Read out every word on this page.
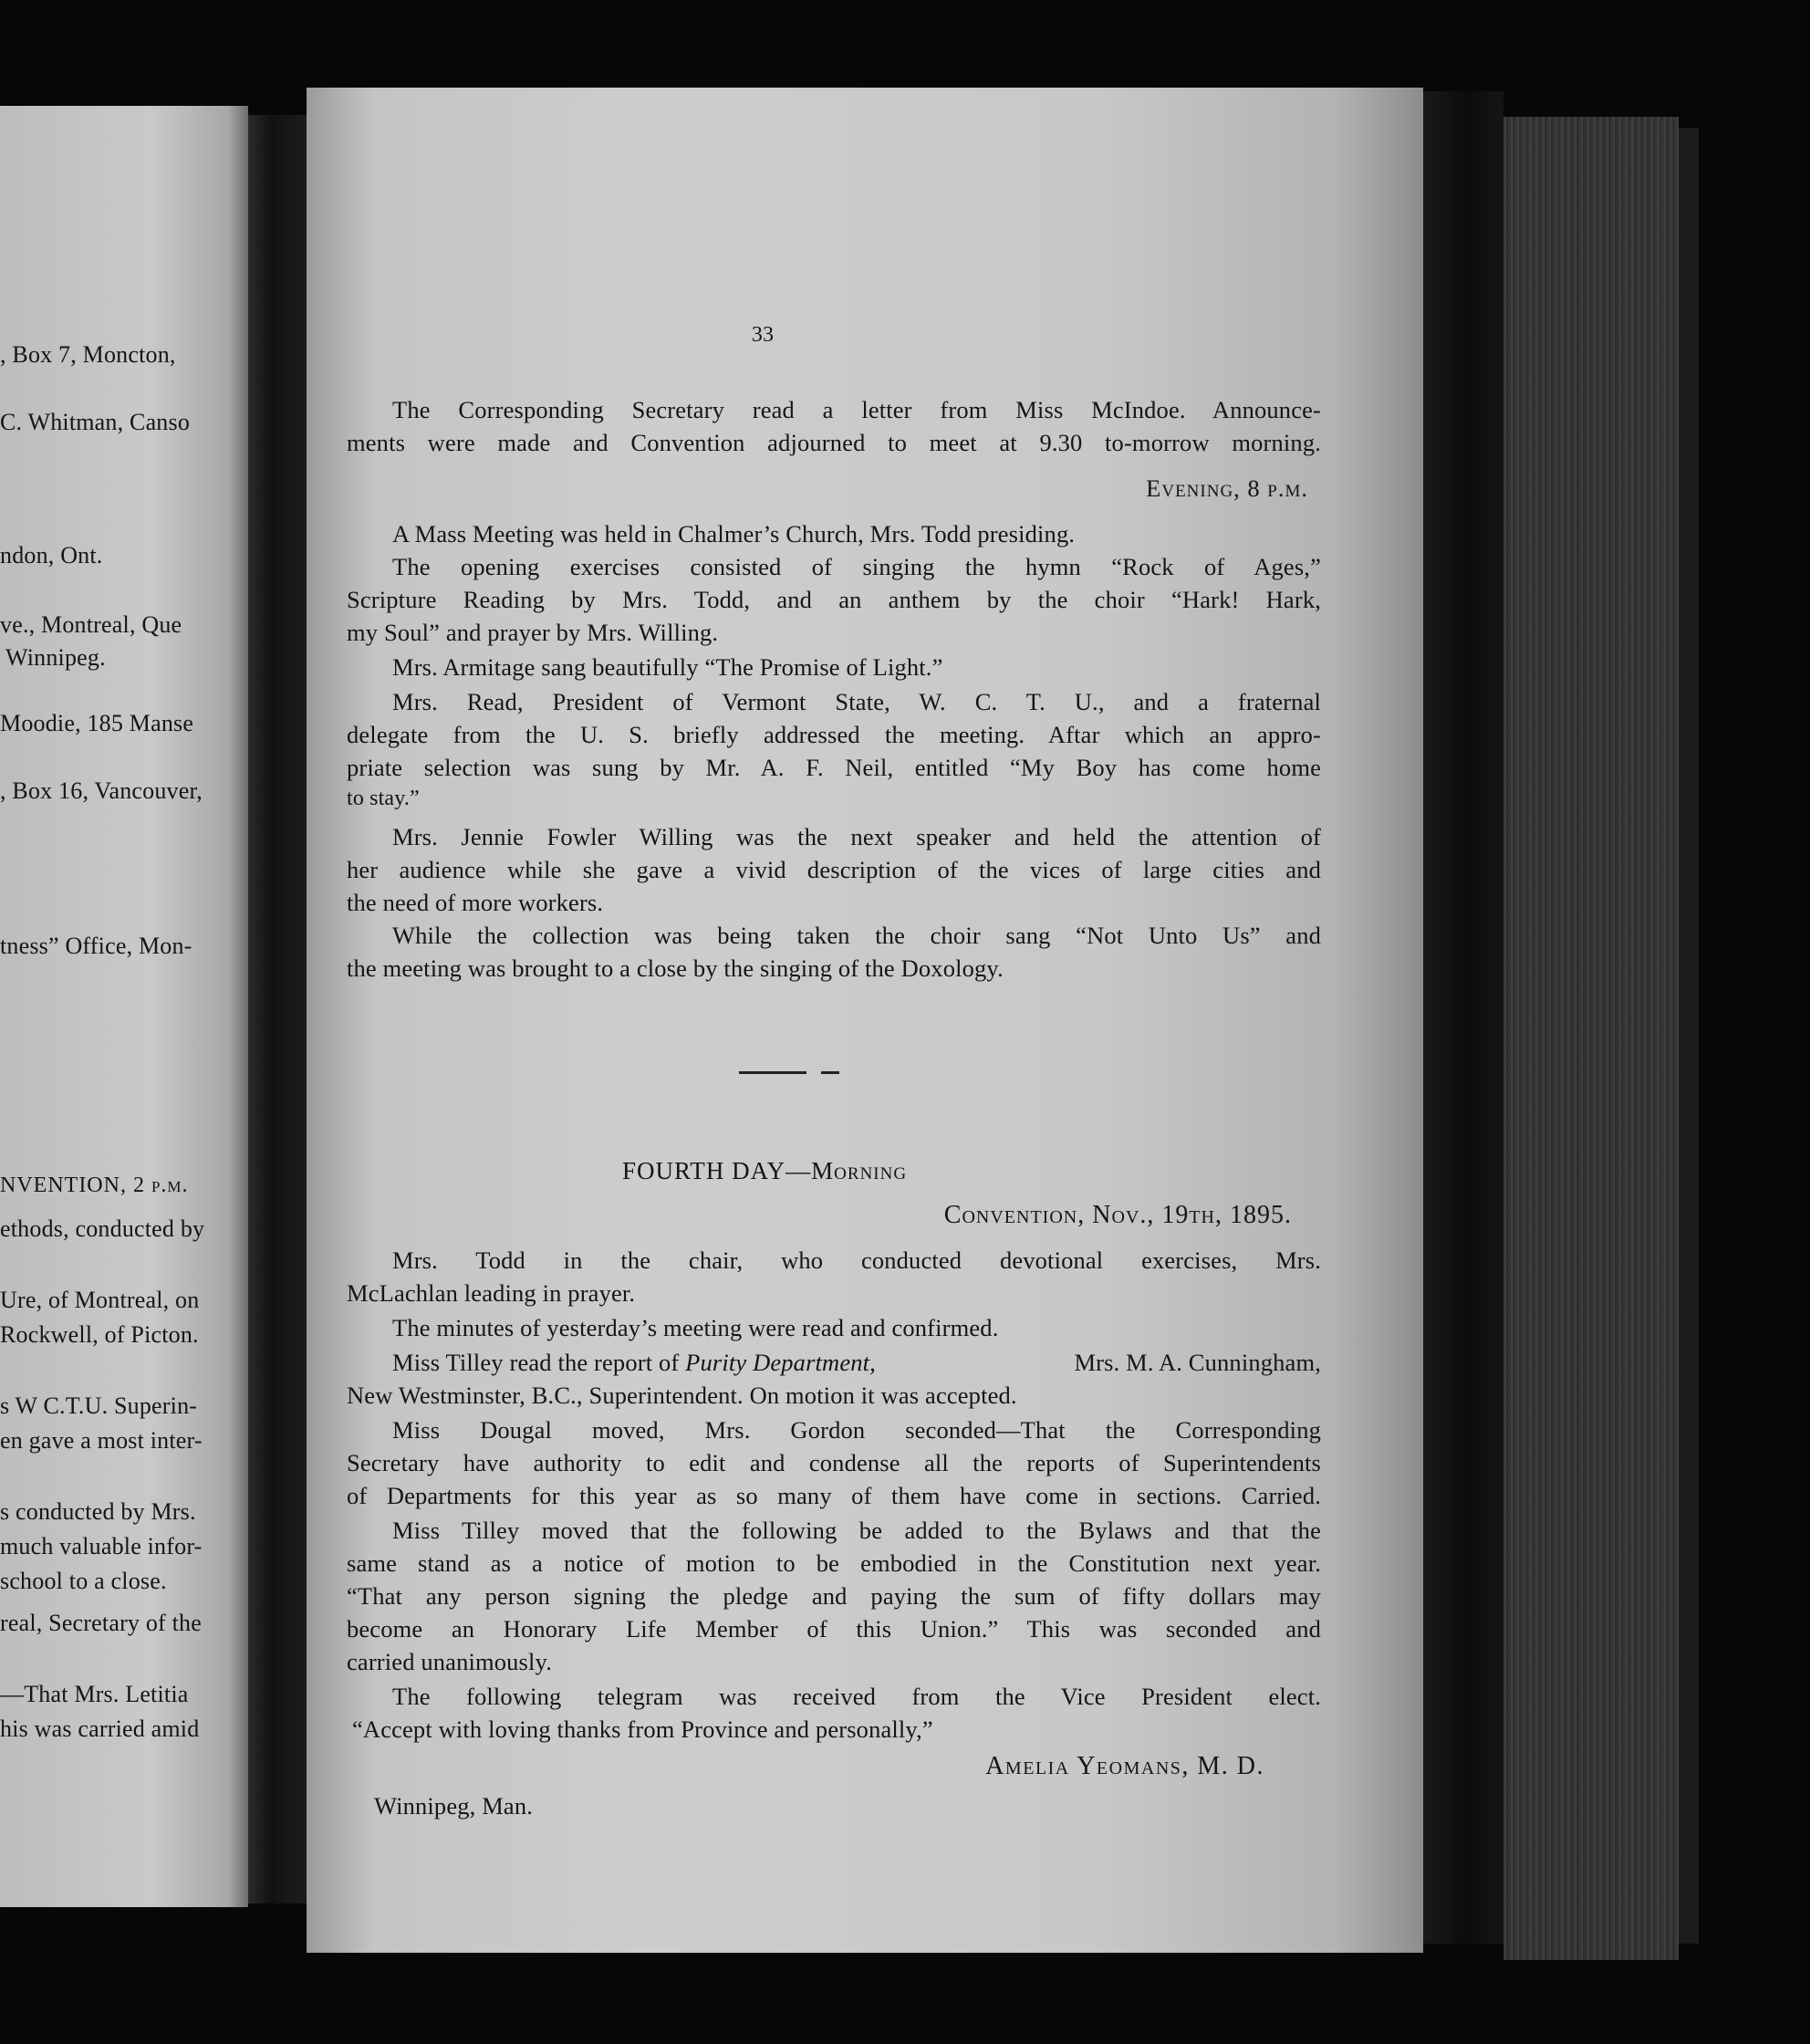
, Box 7, Moncton,
C. Whitman, Canso
ndon, Ont.
ve., Montreal, Que
Winnipeg.
Moodie, 185 Manse
, Box 16, Vancouver,
tness” Office, Mon-
NVENTION, 2 p.m.
ethods, conducted by
Ure, of Montreal, on
Rockwell, of Picton.
s W C.T.U. Superin-
en gave a most inter-
s conducted by Mrs.
much valuable infor-
school to a close.
real, Secretary of the
—That Mrs. Letitia
his was carried amid
33
The Corresponding Secretary read a letter from Miss McIndoe. Announce-
ments were made and Convention adjourned to meet at 9.30 to-morrow morning.
Evening, 8 p.m.
A Mass Meeting was held in Chalmer’s Church, Mrs. Todd presiding.
The opening exercises consisted of singing the hymn “Rock of Ages,”
Scripture Reading by Mrs. Todd, and an anthem by the choir “Hark! Hark,
my Soul” and prayer by Mrs. Willing.
Mrs. Armitage sang beautifully “The Promise of Light.”
Mrs. Read, President of Vermont State, W. C. T. U., and a fraternal
delegate from the U. S. briefly addressed the meeting. Aftar which an appro-
priate selection was sung by Mr. A. F. Neil, entitled “My Boy has come home
to stay.”
Mrs. Jennie Fowler Willing was the next speaker and held the attention of
her audience while she gave a vivid description of the vices of large cities and
the need of more workers.
While the collection was being taken the choir sang “Not Unto Us” and
the meeting was brought to a close by the singing of the Doxology.
FOURTH DAY—Morning
Convention, Nov., 19th, 1895.
Mrs. Todd in the chair, who conducted devotional exercises, Mrs.
McLachlan leading in prayer.
The minutes of yesterday’s meeting were read and confirmed.
Miss Tilley read the report of Purity Department,	Mrs. M. A. Cunningham,
New Westminster, B.C., Superintendent. On motion it was accepted.
Miss Dougal moved, Mrs. Gordon seconded—That the Corresponding
Secretary have authority to edit and condense all the reports of Superintendents
of Departments for this year as so many of them have come in sections. Carried.
Miss Tilley moved that the following be added to the Bylaws and that the
same stand as a notice of motion to be embodied in the Constitution next year.
“That any person signing the pledge and paying the sum of fifty dollars may
become an Honorary Life Member of this Union.” This was seconded and
carried unanimously.
The following telegram was received from the Vice President elect.
“Accept with loving thanks from Province and personally,”
Amelia Yeomans, M. D.
Winnipeg, Man.
